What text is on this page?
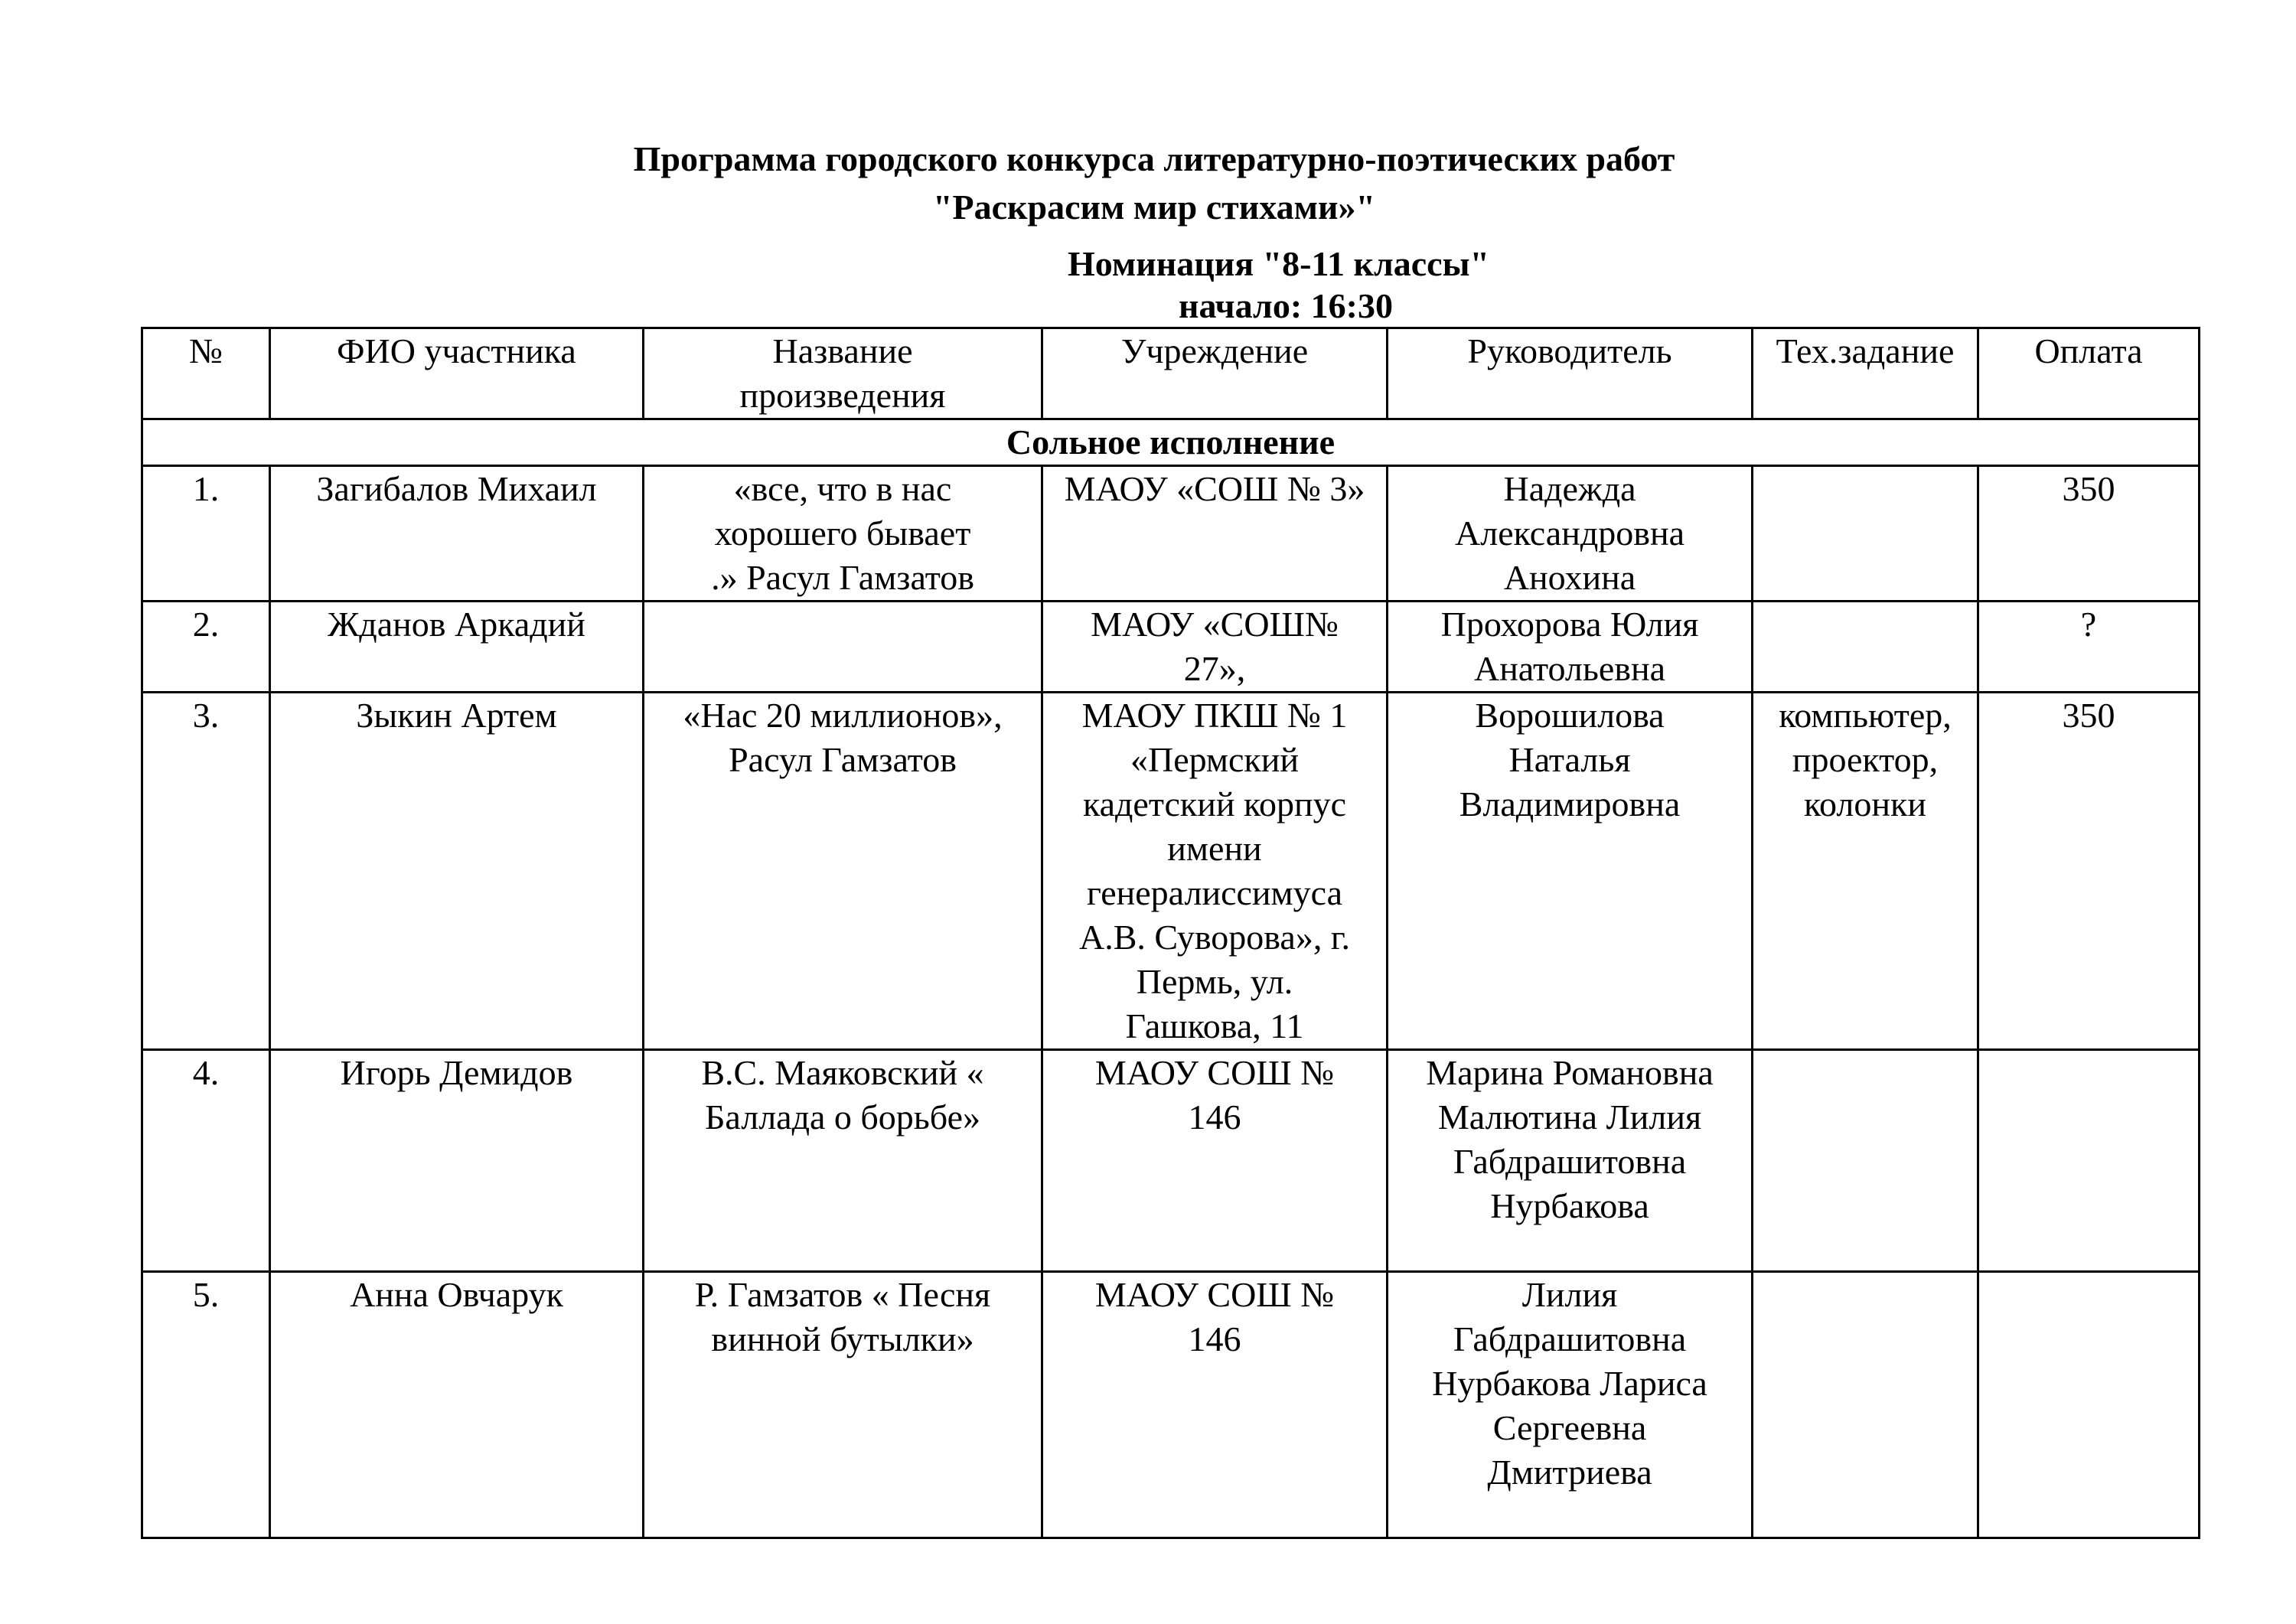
Программа городского конкурса литературно-поэтических работ
"Раскрасим мир стихами»"
Номинация "8-11 классы"
начало: 16:30
№	ФИО участника	Название произведения	Учреждение	Руководитель	Тех.задание	Оплата
Сольное исполнение						
1.	Загибалов Михаил	«все, что в нас хорошего бывает .» Расул Гамзатов	МАОУ «СОШ № 3»	Надежда Александровна Анохина		350
2.	Жданов Аркадий		МАОУ «СОШ№ 27»,	Прохорова Юлия Анатольевна		?
3.	Зыкин Артем	«Нас 20 миллионов», Расул Гамзатов	МАОУ ПКШ № 1 «Пермский кадетский корпус имени генералиссимуса А.В. Суворова», г. Пермь, ул. Гашкова, 11	Ворошилова Наталья Владимировна	компьютер, проектор, колонки	350
4.	Игорь Демидов	В.С. Маяковский « Баллада о борьбе»	МАОУ СОШ № 146	Марина Романовна Малютина Лилия Габдрашитовна Нурбакова		
5.	Анна Овчарук	Р. Гамзатов « Песня винной бутылки»	МАОУ СОШ № 146	Лилия Габдрашитовна Нурбакова Лариса Сергеевна Дмитриева		
